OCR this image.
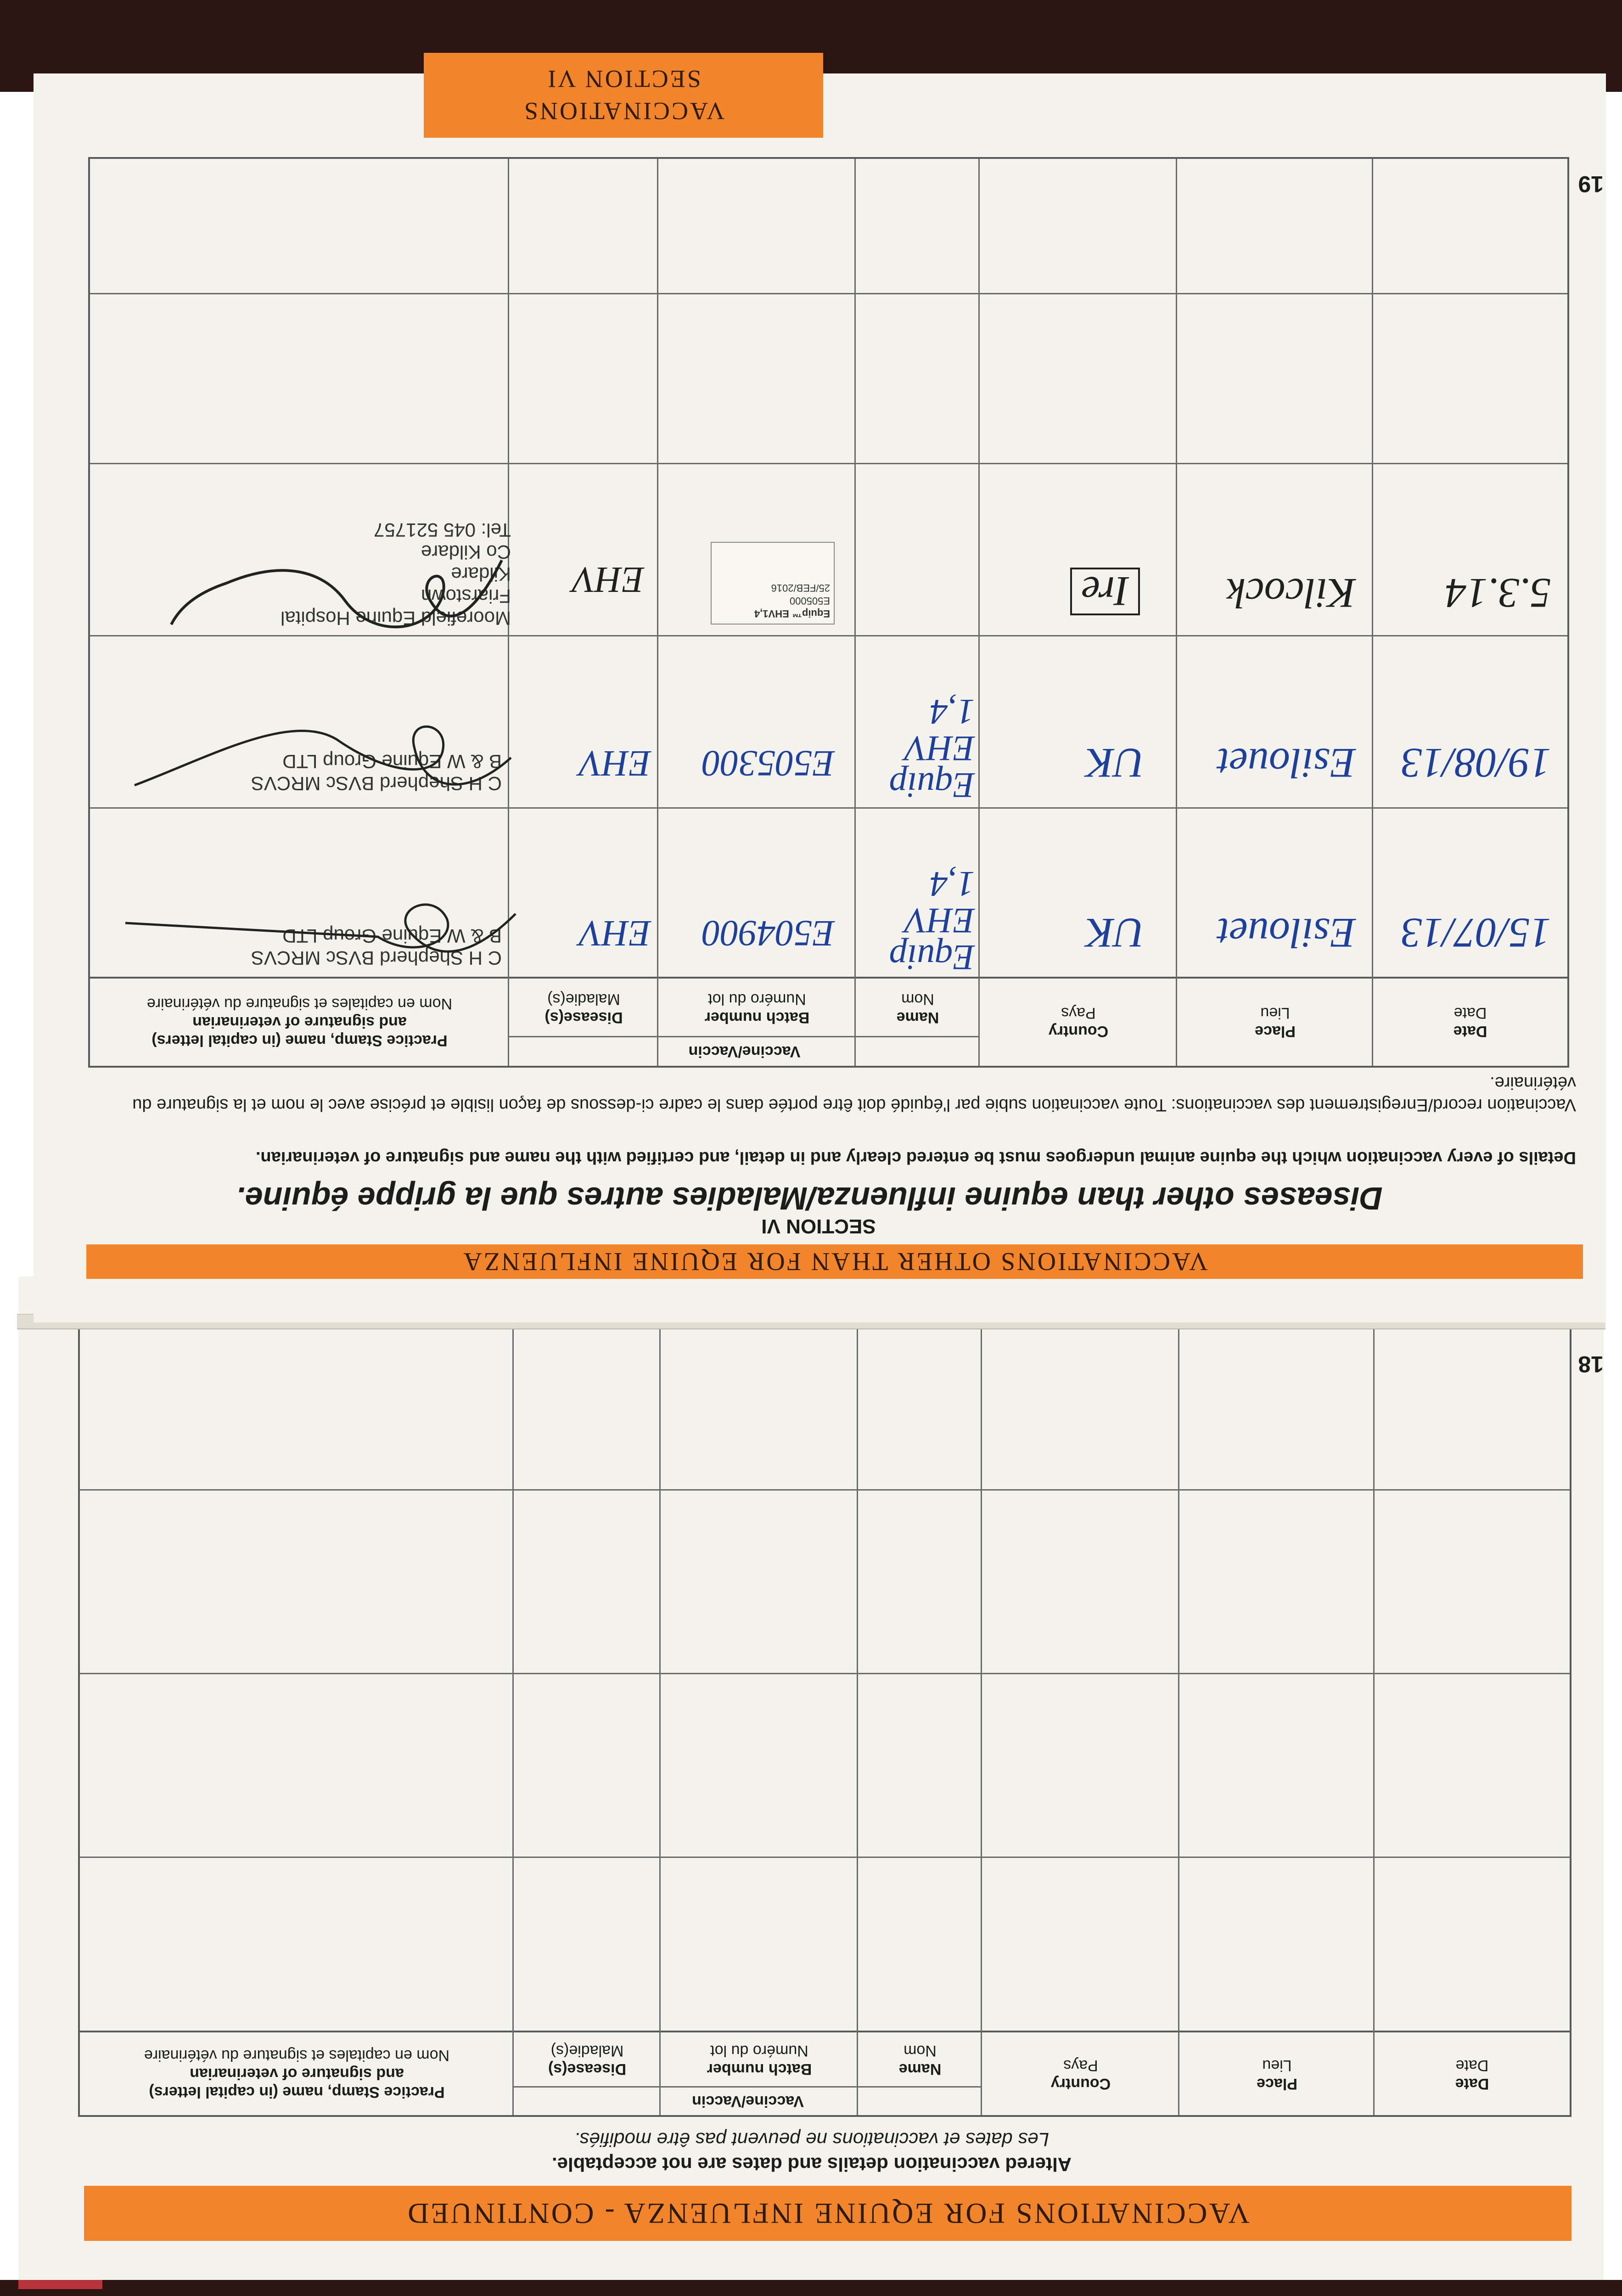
VACCINATIONS FOR EQUINE INFLUENZA - CONTINUED
Altered vaccination details and dates are not acceptable.
Les dates et vaccinations ne peuvent pas être modifiés.
Date
Date
Place
Lieu
Country
Pays
Vaccine/Vaccin
Name
Nom
Batch number
Numéro du lot
Disease(s)
Maladie(s)
Practice Stamp, name (in capital letters)
and signature of veterinarian
Nom en capitales et signature du vétérinaire
18
VACCINATIONS OTHER THAN FOR EQUINE INFLUENZA
SECTION VI
Diseases other than equine influenza/Maladies autres que la grippe équine.
Details of every vaccination which the equine animal undergoes must be entered clearly and in detail, and certified with the name and signature of veterinarian.
Vaccination record/Enregistrement des vaccinations: Toute vaccination subie par l'équidé doit être portée dans le cadre ci-dessous de façon lisible et précise avec le nom et la signature du vétérinaire.
Date
Date
Place
Lieu
Country
Pays
Vaccine/Vaccin
Name
Nom
Batch number
Numéro du lot
Disease(s)
Maladie(s)
Practice Stamp, name (in capital letters)
and signature of veterinarian
Nom en capitales et signature du vétérinaire
15/07/13
Esilouet
UK
Equip
EHV
1,4
E504900
EHV
C H Shepherd BVSc MRCVS
B & W Equine Group LTD
19/08/13
Esilouet
UK
Equip
EHV
1,4
E505300
EHV
C H Shepherd BVSc MRCVS
B & W Equine Group LTD
5.3.14
Kilcock
Ire
Equip™ EHV1,4
E505000
25/FEB/2016
EHV
Moorefield Equine Hospital
Friarstown
Kildare
Co Kildare
Tel: 045 521757
19
VACCINATIONS
SECTION VI
